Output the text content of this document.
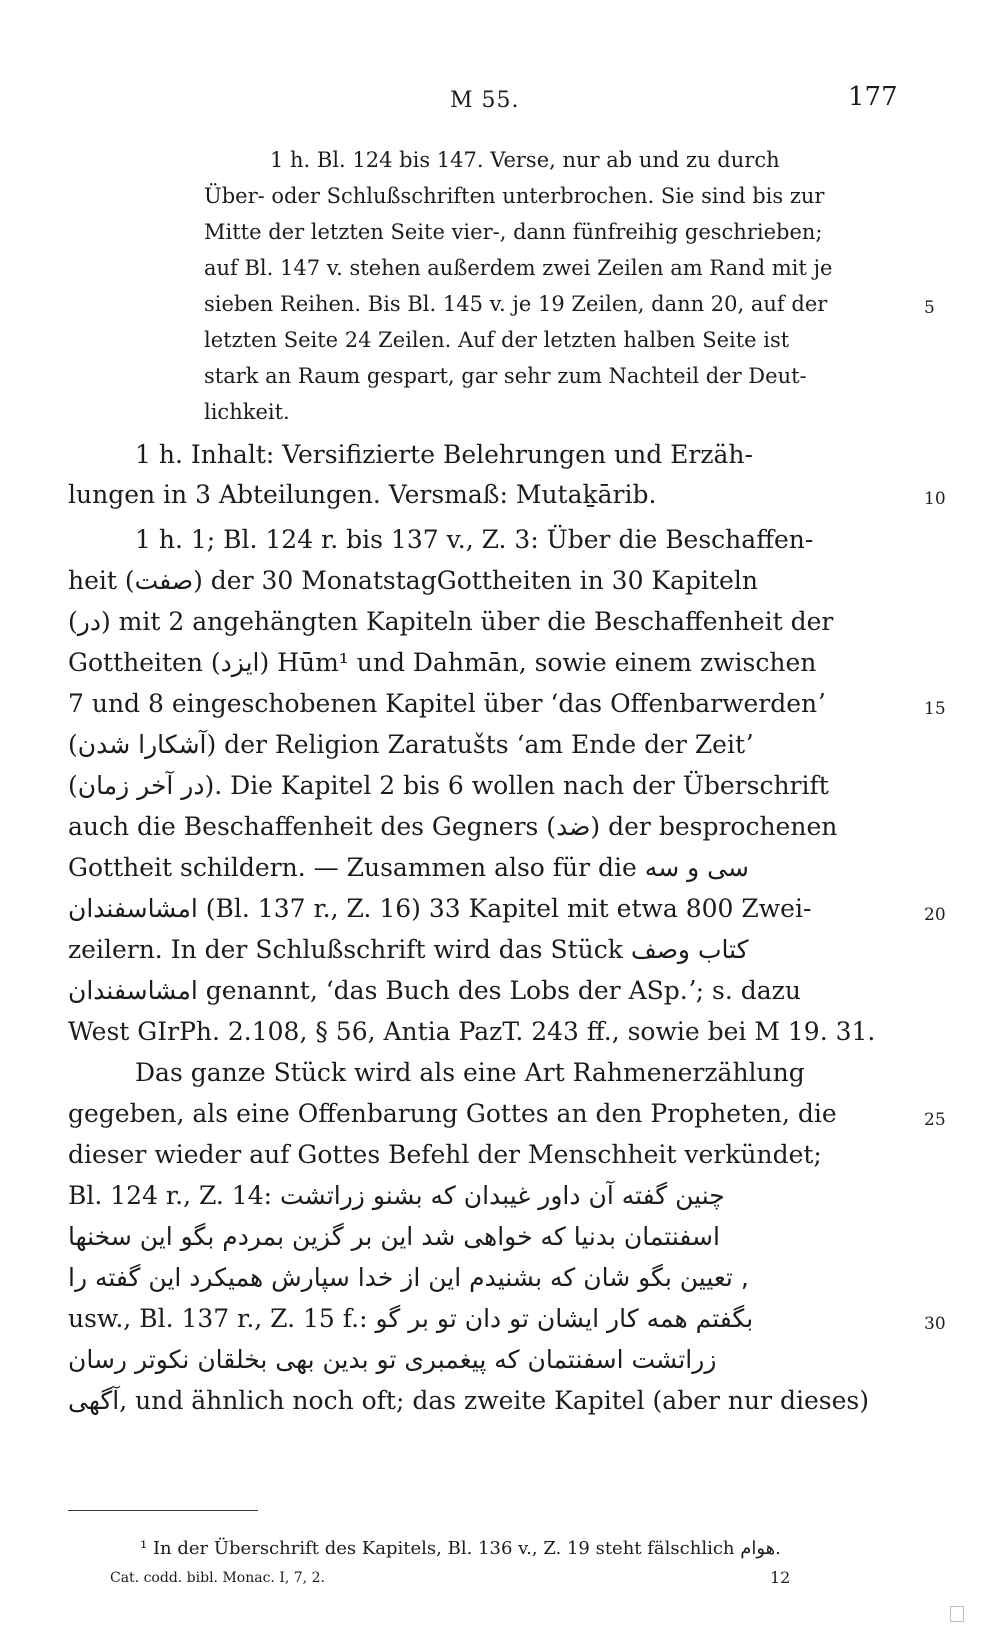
M 55.	177
1 h. Bl. 124 bis 147. Verse, nur ab und zu durch
Über- oder Schlußschriften unterbrochen. Sie sind bis zur
Mitte der letzten Seite vier-, dann fünfreihig geschrieben;
auf Bl. 147 v. stehen außerdem zwei Zeilen am Rand mit je
sieben Reihen. Bis Bl. 145 v. je 19 Zeilen, dann 20, auf der
letzten Seite 24 Zeilen. Auf der letzten halben Seite ist
stark an Raum gespart, gar sehr zum Nachteil der Deut-
lichkeit.
1 h. Inhalt: Versifizierte Belehrungen und Erzäh-
lungen in 3 Abteilungen. Versmaß: Mutaḵārib.
1 h. 1; Bl. 124 r. bis 137 v., Z. 3: Über die Beschaffen-
heit (صفت) der 30 MonatstagGottheiten in 30 Kapiteln
(در) mit 2 angehängten Kapiteln über die Beschaffenheit der
Gottheiten (ایزد) Hūm¹ und Dahmān, sowie einem zwischen
7 und 8 eingeschobenen Kapitel über ʻdas Offenbarwerdenʼ
(آشکارا شدن) der Religion Zaratušts ʻam Ende der Zeitʼ
(در آخر زمان). Die Kapitel 2 bis 6 wollen nach der Überschrift
auch die Beschaffenheit des Gegners (ضد) der besprochenen
Gottheit schildern. — Zusammen also für die سی و سه
امشاسفندان (Bl. 137 r., Z. 16) 33 Kapitel mit etwa 800 Zwei-
zeilern. In der Schlußschrift wird das Stück کتاب وصف
امشاسفندان genannt, ʻdas Buch des Lobs der ASp.ʼ; s. dazu
West GIrPh. 2.108, § 56, Antia PazT. 243 ff., sowie bei M 19. 31.
Das ganze Stück wird als eine Art Rahmenerzählung
gegeben, als eine Offenbarung Gottes an den Propheten, die
dieser wieder auf Gottes Befehl der Menschheit verkündet;
Bl. 124 r., Z. 14: چنین گفته آن داور غیبدان که بشنو زراتشت
اسفنتمان بدنیا که خواهی شد این بر گزین بمردم بگو این سخنها
تعیین بگو شان که بشنیدم این از خدا سپارش همیکرد این گفته را ,
usw., Bl. 137 r., Z. 15 f.: بگفتم همه کار ایشان تو دان تو بر گو
زراتشت اسفنتمان که پیغمبری تو بدین بهی بخلقان نکوتر رسان
آگهی, und ähnlich noch oft; das zweite Kapitel (aber nur dieses)
5
10
15
20
25
30
¹ In der Überschrift des Kapitels, Bl. 136 v., Z. 19 steht fälschlich هوام.
Cat. codd. bibl. Monac. I, 7, 2.	12
